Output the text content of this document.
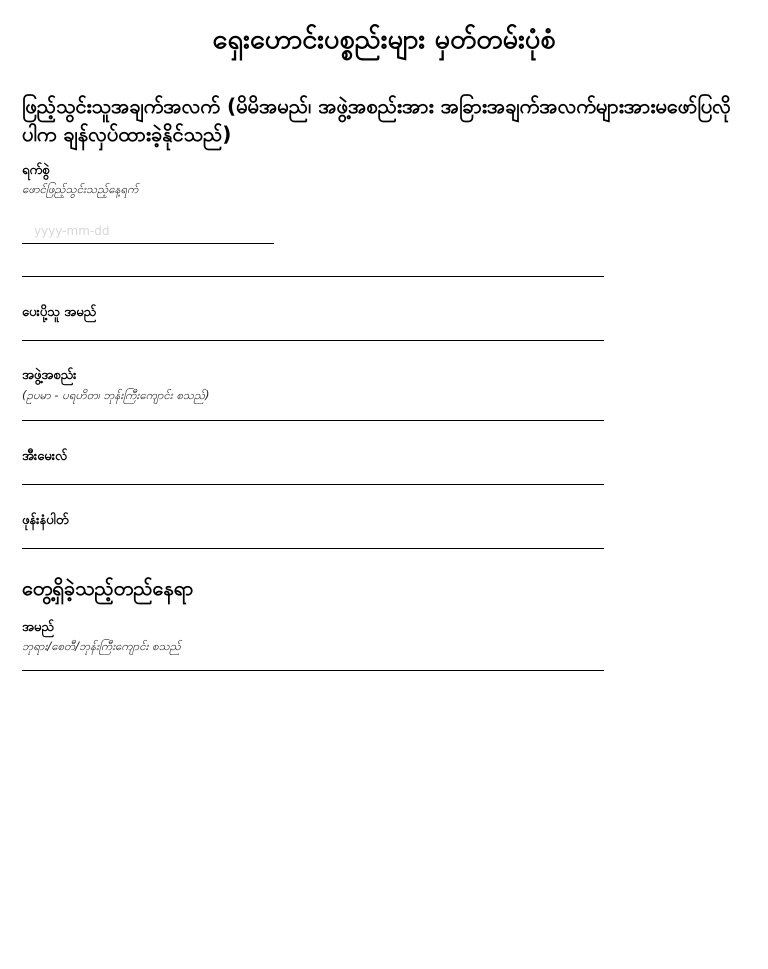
ရှေးဟောင်းပစ္စည်းများ မှတ်တမ်းပုံစံ
ဖြည့်သွင်းသူအချက်အလက် (မိမိအမည်၊ အဖွဲ့အစည်းအား အခြားအချက်အလက်များအားမဖော်ပြလိုပါက ချန်လှပ်ထားခဲ့နိုင်သည်)
ရက်စွဲ
ဖောင်ဖြည့်သွင်းသည့်နေ့ရက်
yyyy-mm-dd
ပေးပို့သူ အမည်
အဖွဲ့အစည်း
(ဥပမာ - ပရဟိတ၊ ဘုန်းကြီးကျောင်း စသည်)
အီးမေးလ်
ဖုန်းနံပါတ်
တွေ့ရှိခဲ့သည့်တည်နေရာ
အမည်
ဘုရား/စေတီ/ဘုန်းကြီးကျောင်း စသည်
